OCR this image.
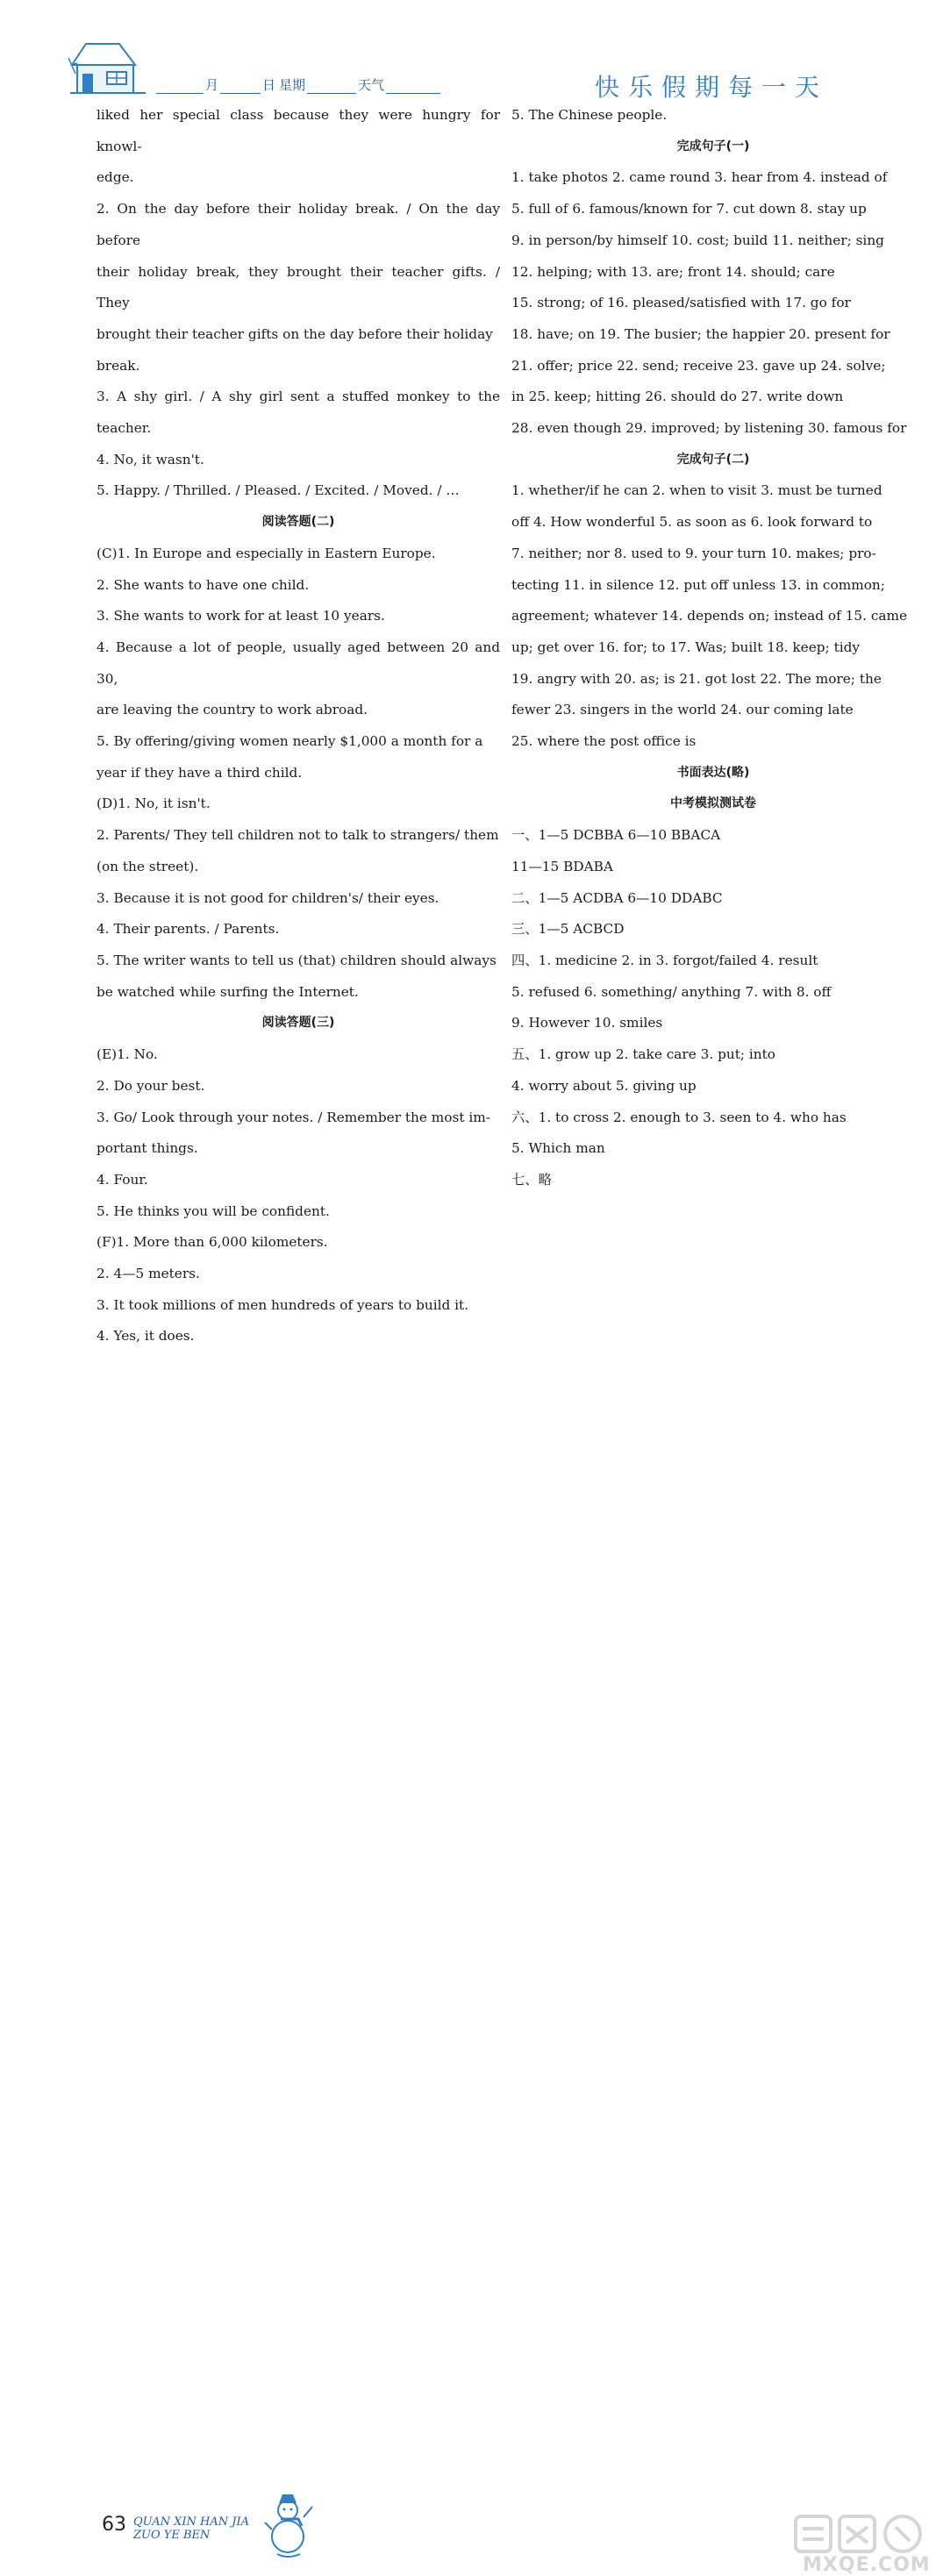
月	日 星期	天气	快乐假期每一天

liked her special class because they were hungry for knowl-

edge.

2. On the day before their holiday break. / On the day before

their holiday break, they brought their teacher gifts. / They

brought their teacher gifts on the day before their holiday

break.

3. A shy girl. / A shy girl sent a stuffed monkey to the teacher.

4. No, it wasn't.

5. Happy. / Thrilled. / Pleased. / Excited. / Moved. / …

阅读答题(二)

(C)1. In Europe and especially in Eastern Europe.

2. She wants to have one child.

3. She wants to work for at least 10 years.

4. Because a lot of people, usually aged between 20 and 30,

are leaving the country to work abroad.

5. By offering/giving women nearly $1,000 a month for a

year if they have a third child.

(D)1. No, it isn't.

2. Parents/ They tell children not to talk to strangers/ them

(on the street).

3. Because it is not good for children's/ their eyes.

4. Their parents. / Parents.

5. The writer wants to tell us (that) children should always

be watched while surfing the Internet.

阅读答题(三)

(E)1. No.

2. Do your best.

3. Go/ Look through your notes. / Remember the most im-

portant things.

4. Four.

5. He thinks you will be confident.

(F)1. More than 6,000 kilometers.

2. 4—5 meters.

3. It took millions of men hundreds of years to build it.

4. Yes, it does.

5. The Chinese people.

完成句子(一)

1. take photos 2. came round 3. hear from 4. instead of

5. full of 6. famous/known for 7. cut down 8. stay up

9. in person/by himself 10. cost; build 11. neither; sing

12. helping; with 13. are; front 14. should; care

15. strong; of 16. pleased/satisfied with 17. go for

18. have; on 19. The busier; the happier 20. present for

21. offer; price 22. send; receive 23. gave up 24. solve;

in 25. keep; hitting 26. should do 27. write down

28. even though 29. improved; by listening 30. famous for

完成句子(二)

1. whether/if he can 2. when to visit 3. must be turned

off 4. How wonderful 5. as soon as 6. look forward to

7. neither; nor 8. used to 9. your turn 10. makes; pro-

tecting 11. in silence 12. put off unless 13. in common;

agreement; whatever 14. depends on; instead of 15. came

up; get over 16. for; to 17. Was; built 18. keep; tidy

19. angry with 20. as; is 21. got lost 22. The more; the

fewer 23. singers in the world 24. our coming late

25. where the post office is

书面表达(略)

中考模拟测试卷

一、1—5 DCBBA 6—10 BBACA

11—15 BDABA

二、1—5 ACDBA 6—10 DDABC

三、1—5 ACBCD

四、1. medicine 2. in 3. forgot/failed 4. result

5. refused 6. something/ anything 7. with 8. off

9. However 10. smiles

五、1. grow up 2. take care 3. put; into

4. worry about 5. giving up

六、1. to cross 2. enough to 3. seen to 4. who has

5. Which man

七、略

63 QUAN XIN HAN JIA
ZUO YE BEN
MXQE.COM
